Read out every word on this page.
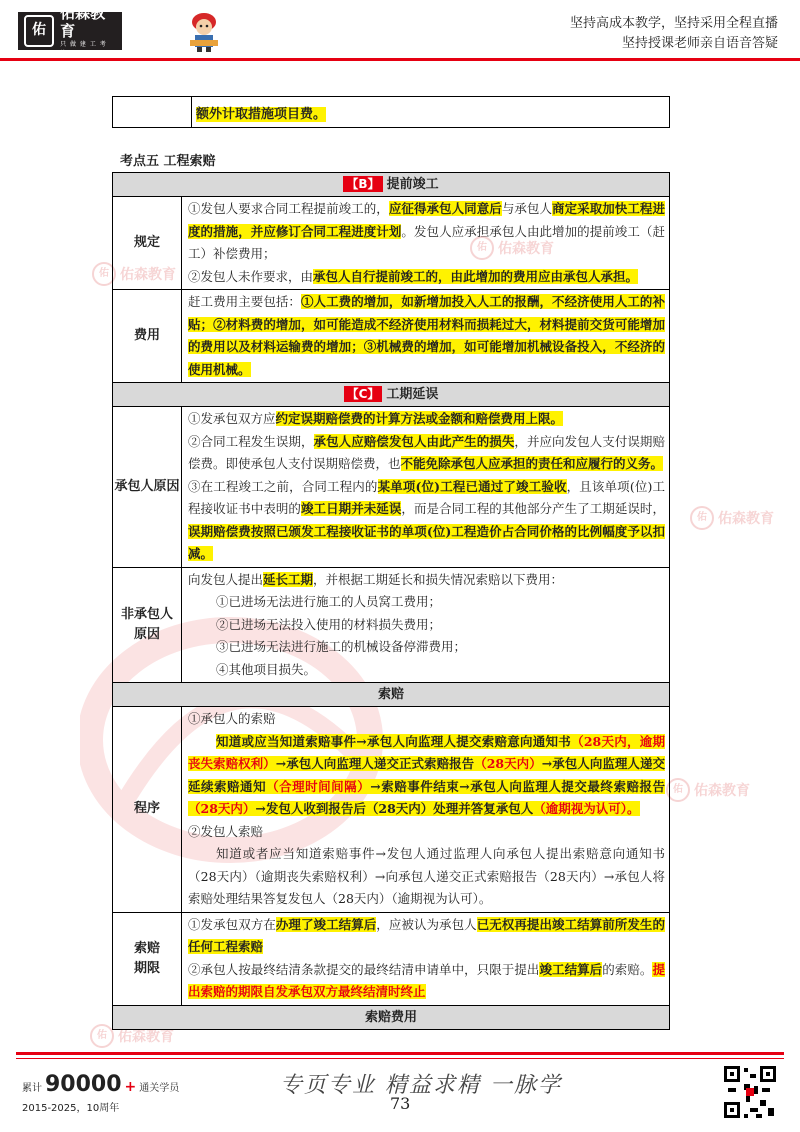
佑
佑森教育
只 做 建 工 考 培
坚持高成本教学，坚持采用全程直播
坚持授课老师亲自语音答疑
佑 佑森教育
佑 佑森教育
佑 佑森教育
佑 佑森教育
佑 佑森教育
	额外计取措施项目费。
考点五 工程索赔
【B】 提前竣工	
规定	①发包人要求合同工程提前竣工的，应征得承包人同意后与承包人商定采取加快工程进度的措施，并应修订合同工程进度计划。发包人应承担承包人由此增加的提前竣工（赶工）补偿费用；

②发包人未作要求，由承包人自行提前竣工的，由此增加的费用应由承包人承担。

费用	赶工费用主要包括：①人工费的增加，如新增加投入人工的报酬，不经济使用人工的补贴；②材料费的增加，如可能造成不经济使用材料而损耗过大，材料提前交货可能增加的费用以及材料运输费的增加；③机械费的增加，如可能增加机械设备投入，不经济的使用机械。

【C】 工期延误	
承包人原因	①发承包双方应约定误期赔偿费的计算方法或金额和赔偿费用上限。

②合同工程发生误期，承包人应赔偿发包人由此产生的损失，并应向发包人支付误期赔偿费。即使承包人支付误期赔偿费，也不能免除承包人应承担的责任和应履行的义务。

③在工程竣工之前，合同工程内的某单项(位)工程已通过了竣工验收，且该单项(位)工程接收证书中表明的竣工日期并未延误，而是合同工程的其他部分产生了工期延误时，误期赔偿费按照已颁发工程接收证书的单项(位)工程造价占合同价格的比例幅度予以扣减。

非承包人原因	向发包人提出延长工期，并根据工期延长和损失情况索赔以下费用：

①已进场无法进行施工的人员窝工费用；
②已进场无法投入使用的材料损失费用；
③已进场无法进行施工的机械设备停滞费用；
④其他项目损失。

索赔	
程序	①承包人的索赔

知道或应当知道索赔事件→承包人向监理人提交索赔意向通知书（28天内，逾期丧失索赔权利）→承包人向监理人递交正式索赔报告（28天内）→承包人向监理人递交延续索赔通知（合理时间间隔）→索赔事件结束→承包人向监理人提交最终索赔报告（28天内）→发包人收到报告后（28天内）处理并答复承包人（逾期视为认可）。

②发包人索赔

知道或者应当知道索赔事件→发包人通过监理人向承包人提出索赔意向通知书（28天内）（逾期丧失索赔权利）→向承包人递交正式索赔报告（28天内）→承包人将索赔处理结果答复发包人（28天内）（逾期视为认可）。

索赔期限	①发承包双方在办理了竣工结算后，应被认为承包人已无权再提出竣工结算前所发生的任何工程索赔

②承包人按最终结清条款提交的最终结清申请单中，只限于提出竣工结算后的索赔。提出索赔的期限自发承包双方最终结清时终止

索赔费用	
累计 90000 + 通关学员
2015-2025，10周年
专页专业 精益求精 一脉学
73
